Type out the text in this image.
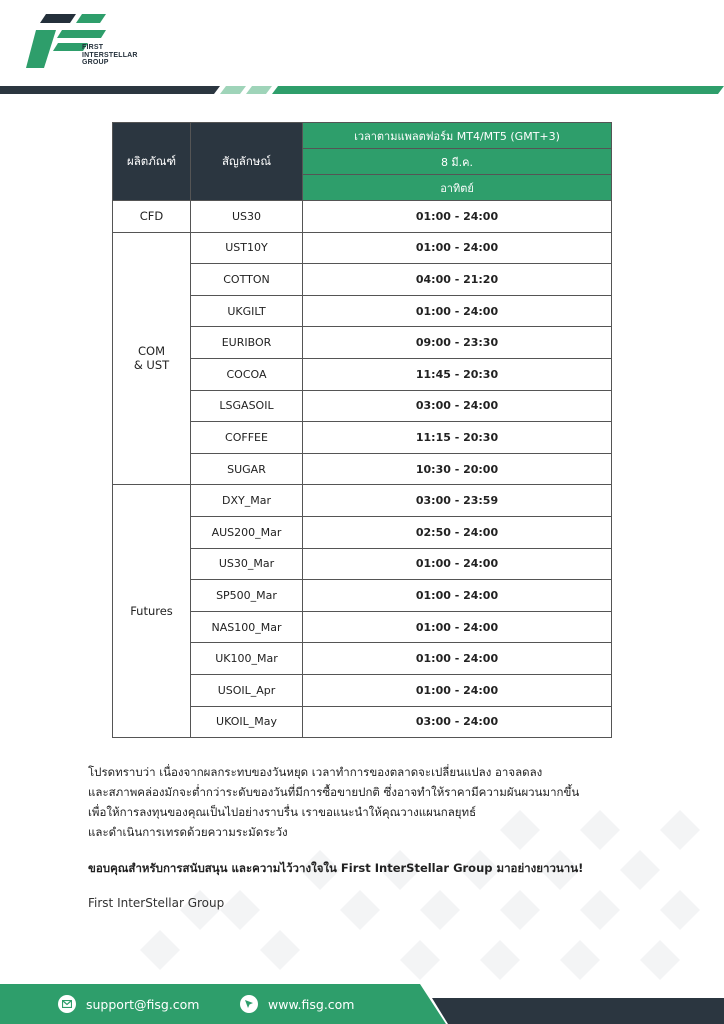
FIRST
INTERSTELLAR
GROUP
ผลิตภัณฑ์	สัญลักษณ์	เวลาตามแพลตฟอร์ม MT4/MT5 (GMT+3)
		8 มี.ค.
		อาทิตย์
CFD	US30	01:00 - 24:00
COM
& UST	UST10Y	01:00 - 24:00
	COTTON	04:00 - 21:20
	UKGILT	01:00 - 24:00
	EURIBOR	09:00 - 23:30
	COCOA	11:45 - 20:30
	LSGASOIL	03:00 - 24:00
	COFFEE	11:15 - 20:30
	SUGAR	10:30 - 20:00
Futures	DXY_Mar	03:00 - 23:59
	AUS200_Mar	02:50 - 24:00
	US30_Mar	01:00 - 24:00
	SP500_Mar	01:00 - 24:00
	NAS100_Mar	01:00 - 24:00
	UK100_Mar	01:00 - 24:00
	USOIL_Apr	01:00 - 24:00
	UKOIL_May	03:00 - 24:00
โปรดทราบว่า เนื่องจากผลกระทบของวันหยุด เวลาทำการของตลาดจะเปลี่ยนแปลง อาจลดลง
และสภาพคล่องมักจะต่ำกว่าระดับของวันที่มีการซื้อขายปกติ ซึ่งอาจทำให้ราคามีความผันผวนมากขึ้น
เพื่อให้การลงทุนของคุณเป็นไปอย่างราบรื่น เราขอแนะนำให้คุณวางแผนกลยุทธ์
และดำเนินการเทรดด้วยความระมัดระวัง
ขอบคุณสำหรับการสนับสนุน และความไว้วางใจใน First InterStellar Group มาอย่างยาวนาน!
First InterStellar Group
support@fisg.com	www.fisg.com
